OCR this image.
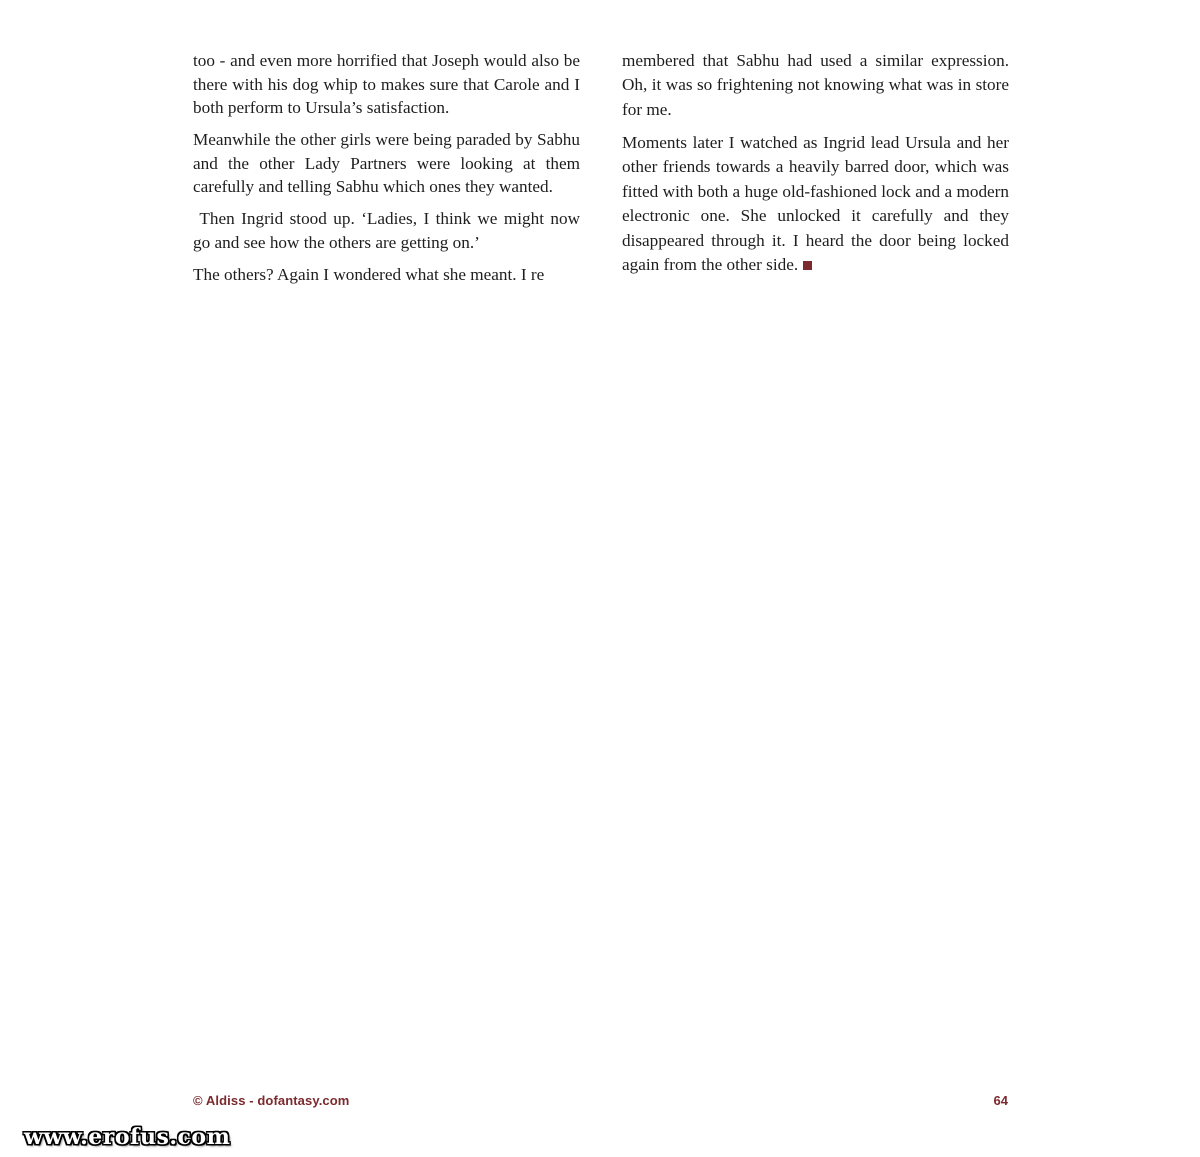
too - and even more horrified that Joseph would also be there with his dog whip to makes sure that Carole and I both perform to Ursula’s satisfaction.

Meanwhile the other girls were being paraded by Sabhu and the other Lady Partners were looking at them carefully and telling Sabhu which ones they wanted.

Then Ingrid stood up. ‘Ladies, I think we might now go and see how the others are getting on.’

The others? Again I wondered what she meant. I re

membered that Sabhu had used a similar expression. Oh, it was so frightening not knowing what was in store for me.

Moments later I watched as Ingrid lead Ursula and her other friends towards a heavily barred door, which was fitted with both a huge old-fashioned lock and a modern electronic one. She unlocked it carefully and they disappeared through it. I heard the door being locked again from the other side.

© Aldiss - dofantasy.com	64
www.erofus.com
